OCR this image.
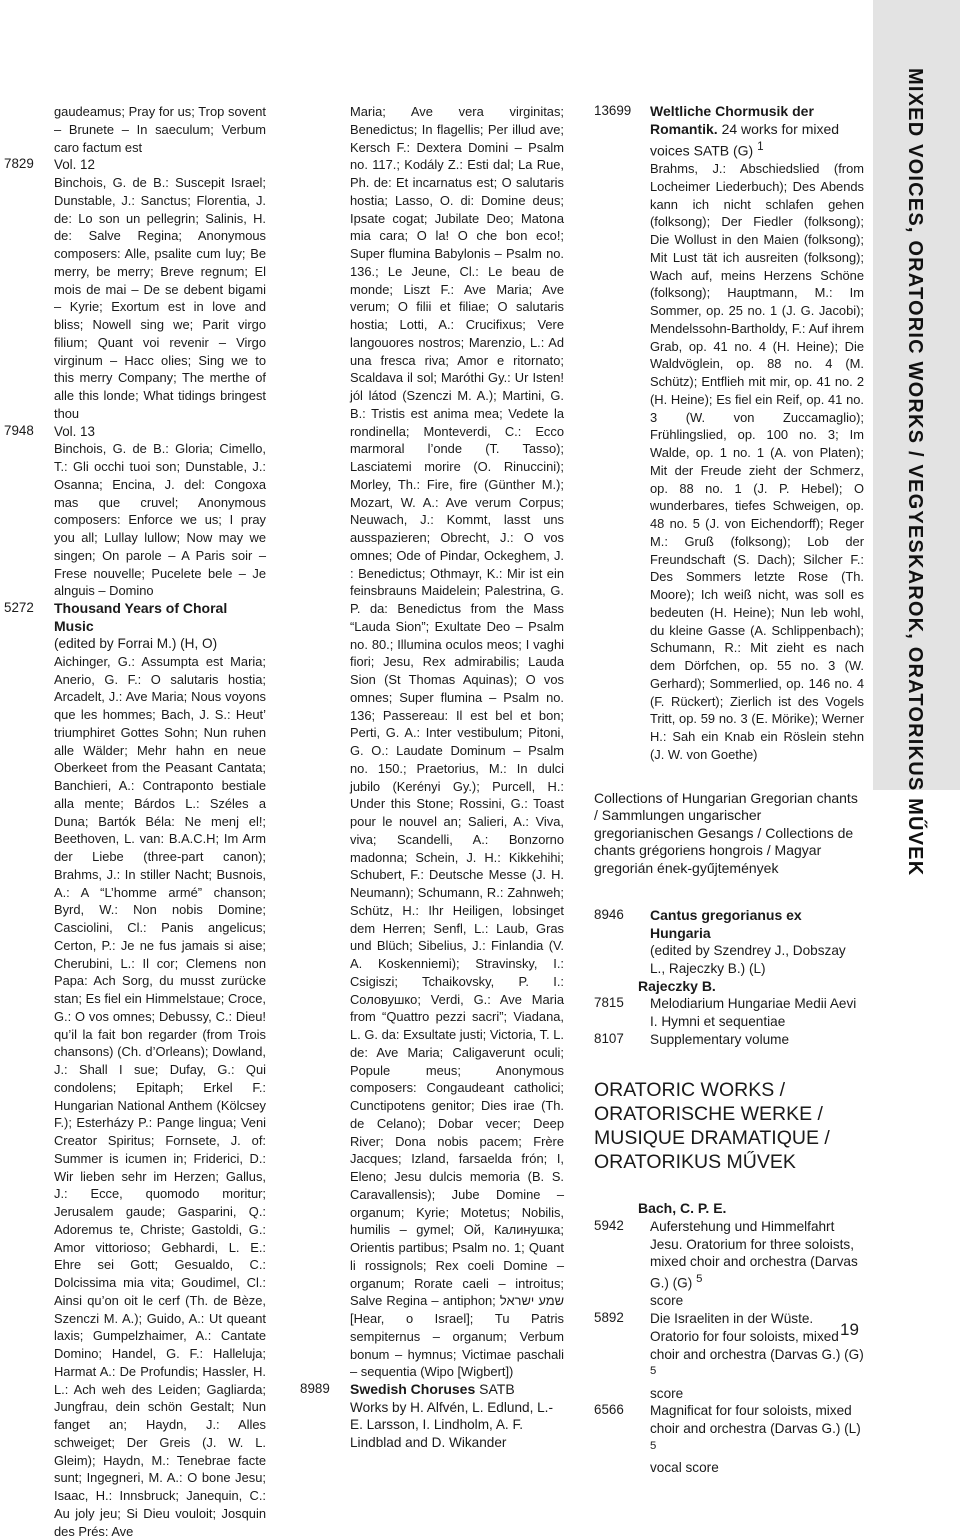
MIXED VOICES, ORATORIC WORKS / VEGYESKAROK, ORATORIKUS MŰVEK
gaudeamus; Pray for us; Trop sovent – Brunete – In saeculum; Verbum caro factum est
7829 Vol. 12
Binchois, G. de B.: Suscepit Israel; Dunstable, J.: Sanctus; Florentia, J. de: Lo son un pellegrin; Salinis, H. de: Salve Regina; Anonymous composers: Alle, psalite cum luy; Be merry, be merry; Breve regnum; El mois de mai – De se debent bigami – Kyrie; Exortum est in love and bliss; Nowell sing we; Parit virgo filium; Quant voi revenir – Virgo virginum – Hacc olies; Sing we to this merry Company; The merthe of alle this londe; What tidings bringest thou
7948 Vol. 13
Binchois, G. de B.: Gloria; Cimello, T.: Gli occhi tuoi son; Dunstable, J.: Osanna; Encina, J. del: Congoxa mas que cruvel; Anonymous composers: Enforce we us; I pray you all; Lullay lullow; Now may we singen; On parole – A Paris soir – Frese nouvelle; Pucelete bele – Je alnguis – Domino
5272 Thousand Years of Choral Music
(edited by Forrai M.) (H, O)
Aichinger, G.: Assumpta est Maria; Anerio, G. F.: O salutaris hostia; Arcadelt, J.: Ave Maria; Nous voyons que les hommes; Bach, J. S.: Heut’ triumphiret Gottes Sohn; Nun ruhen alle Wälder; Mehr hahn en neue Oberkeet from the Peasant Cantata; Banchieri, A.: Contraponto bestiale alla mente; Bárdos L.: Széles a Duna; Bartók Béla: Ne menj el!; Beethoven, L. van: B.A.C.H; Im Arm der Liebe (three-part canon); Brahms, J.: In stiller Nacht; Busnois, A.: A “L’homme armé” chanson; Byrd, W.: Non nobis Domine; Casciolini, Cl.: Panis angelicus; Certon, P.: Je ne fus jamais si aise; Cherubini, L.: Il cor; Clemens non Papa: Ach Sorg, du musst zurücke stan; Es fiel ein Himmelstaue; Croce, G.: O vos omnes; Debussy, C.: Dieu! qu’il la fait bon regarder (from Trois chansons) (Ch. d’Orleans); Dowland, J.: Shall I sue; Dufay, G.: Qui condolens; Epitaph; Erkel F.: Hungarian National Anthem (Kölcsey F.); Esterházy P.: Pange lingua; Veni Creator Spiritus; Fornsete, J. of: Summer is icumen in; Friderici, D.: Wir lieben sehr im Herzen; Gallus, J.: Ecce, quomodo moritur; Jerusalem gaude; Gasparini, Q.: Adoremus te, Christe; Gastoldi, G.: Amor vittorioso; Gebhardi, L. E.: Ehre sei Gott; Gesualdo, C.: Dolcissima mia vita; Goudimel, Cl.: Ainsi qu’on oit le cerf (Th. de Bèze, Szenczi M. A.); Guido, A.: Ut queant laxis; Gumpelzhaimer, A.: Cantate Domino; Handel, G. F.: Halleluja; Harmat A.: De Profundis; Hassler, H. L.: Ach weh des Leiden; Gagliarda; Jungfrau, dein schön Gestalt; Nun fanget an; Haydn, J.: Alles schweiget; Der Greis (J. W. L. Gleim); Haydn, M.: Tenebrae facte sunt; Ingegneri, M. A.: O bone Jesu; Isaac, H.: Innsbruck; Janequin, C.: Au joly jeu; Si Dieu vouloit; Josquin des Prés: Ave
Maria; Ave vera virginitas; Benedictus; In flagellis; Per illud ave; Kersch F.: Dextera Domini – Psalm no. 117.; Kodály Z.: Esti dal; La Rue, Ph. de: Et incarnatus est; O salutaris hostia; Lasso, O. di: Domine deus; Ipsate cogat; Jubilate Deo; Matona mia cara; O la! O che bon eco!; Super flumina Babylonis – Psalm no. 136.; Le Jeune, Cl.: Le beau de monde; Liszt F.: Ave Maria; Ave verum; O filii et filiae; O salutaris hostia; Lotti, A.: Crucifixus; Vere langouores nostros; Marenzio, L.: Ad una fresca riva; Amor e ritornato; Scaldava il sol; Maróthi Gy.: Ur Isten! jól látod (Szenczi M. A.); Martini, G. B.: Tristis est anima mea; Vedete la rondinella; Monteverdi, C.: Ecco marmoral l’onde (T. Tasso); Lasciatemi morire (O. Rinuccini); Morley, Th.: Fire, fire (Günther M.); Mozart, W. A.: Ave verum Corpus; Neuwach, J.: Kommt, lasst uns ausspazieren; Obrecht, J.: O vos omnes; Ode of Pindar, Ockeghem, J. : Benedictus; Othmayr, K.: Mir ist ein feinsbrauns Maidelein; Palestrina, G. P. da: Benedictus from the Mass “Lauda Sion”; Exultate Deo – Psalm no. 80.; Illumina oculos meos; I vaghi fiori; Jesu, Rex admirabilis; Lauda Sion (St Thomas Aquinas); O vos omnes; Super flumina – Psalm no. 136; Passereau: Il est bel et bon; Perti, G. A.: Inter vestibulum; Pitoni, G. O.: Laudate Dominum – Psalm no. 150.; Praetorius, M.: In dulci jubilo (Kerényi Gy.); Purcell, H.: Under this Stone; Rossini, G.: Toast pour le nouvel an; Salieri, A.: Viva, viva; Scandelli, A.: Bonzorno madonna; Schein, J. H.: Kikkehihi; Schubert, F.: Deutsche Messe (J. H. Neumann); Schumann, R.: Zahnweh; Schütz, H.: Ihr Heiligen, lobsinget dem Herren; Senfl, L.: Laub, Gras und Blüch; Sibelius, J.: Finlandia (V. A. Koskenniemi); Stravinsky, I.: Csigiszi; Tchaikovsky, P. I.: Соловушко; Verdi, G.: Ave Maria from “Quattro pezzi sacri”; Viadana, L. G. da: Exsultate justi; Victoria, T. L. de: Ave Maria; Caligaverunt oculi; Popule meus; Anonymous composers: Congaudeant catholici; Cunctipotens genitor; Dies irae (Th. de Celano); Dobar vecer; Deep River; Dona nobis pacem; Frère Jacques; Izland, farsaelda frón; I, Eleno; Jesu dulcis memoria (B. S. Caravallensis); Jube Domine – organum; Kyrie; Motetus; Nobilis, humilis – gymel; Ой, Калинушка; Orientis partibus; Psalm no. 1; Quant li rossignols; Rex coeli Domine – organum; Rorate caeli – introitus; Salve Regina – antiphon; שמע ישראל [Hear, o Israel]; Tu Patris sempiternus – organum; Verbum bonum – hymnus; Victimae paschali – sequentia (Wipo [Wigbert])
8989 Swedish Choruses SATB
Works by H. Alfvén, L. Edlund, L.-E. Larsson, I. Lindholm, A. F. Lindblad and D. Wikander
13699 Weltliche Chormusik der Romantik. 24 works for mixed voices SATB (G) $^1$
Brahms, J.: Abschiedslied (from Locheimer Liederbuch); Des Abends kann ich nicht schlafen gehen (folksong); Der Fiedler (folksong); Die Wollust in den Maien (folksong); Mit Lust tät ich ausreiten (folksong); Wach auf, meins Herzens Schöne (folksong); Hauptmann, M.: Im Sommer, op. 25 no. 1 (J. G. Jacobi); Mendelssohn-Bartholdy, F.: Auf ihrem Grab, op. 41 no. 4 (H. Heine); Die Waldvöglein, op. 88 no. 4 (M. Schütz); Entflieh mit mir, op. 41 no. 2 (H. Heine); Es fiel ein Reif, op. 41 no. 3 (W. von Zuccamaglio); Frühlingslied, op. 100 no. 3; Im Walde, op. 1 no. 1 (A. von Platen); Mit der Freude zieht der Schmerz, op. 88 no. 1 (J. P. Hebel); O wunderbares, tiefes Schweigen, op. 48 no. 5 (J. von Eichendorff); Reger M.: Gruß (folksong); Lob der Freundschaft (S. Dach); Silcher F.: Des Sommers letzte Rose (Th. Moore); Ich weiß nicht, was soll es bedeuten (H. Heine); Nun leb wohl, du kleine Gasse (A. Schlippenbach); Schumann, R.: Mit zieht es nach dem Dörfchen, op. 55 no. 3 (W. Gerhard); Sommerlied, op. 146 no. 4 (F. Rückert); Zierlich ist des Vogels Tritt, op. 59 no. 3 (E. Mörike); Werner H.: Sah ein Knab ein Röslein stehn (J. W. von Goethe)
Collections of Hungarian Gregorian chants / Sammlungen ungarischer gregorianischen Gesangs / Collections de chants grégoriens hongrois / Magyar gregorián ének-gyűjtemények
8946 Cantus gregorianus ex Hungaria
(edited by Szendrey J., Dobszay L., Rajeczky B.) (L)
Rajeczky B.
7815 Melodiarium Hungariae Medii Aevi I. Hymni et sequentiae
8107 Supplementary volume
ORATORIC WORKS / ORATORISCHE WERKE / MUSIQUE DRAMATIQUE / ORATORIKUS MŰVEK
Bach, C. P. E.
5942 Auferstehung und Himmelfahrt Jesu. Oratorium for three soloists, mixed choir and orchestra (Darvas G.) (G) $^5$
score
5892 Die Israeliten in der Wüste. Oratorio for four soloists, mixed choir and orchestra (Darvas G.) (G) $^5$
score
6566 Magnificat for four soloists, mixed choir and orchestra (Darvas G.) (L) $^5$
vocal score
19
